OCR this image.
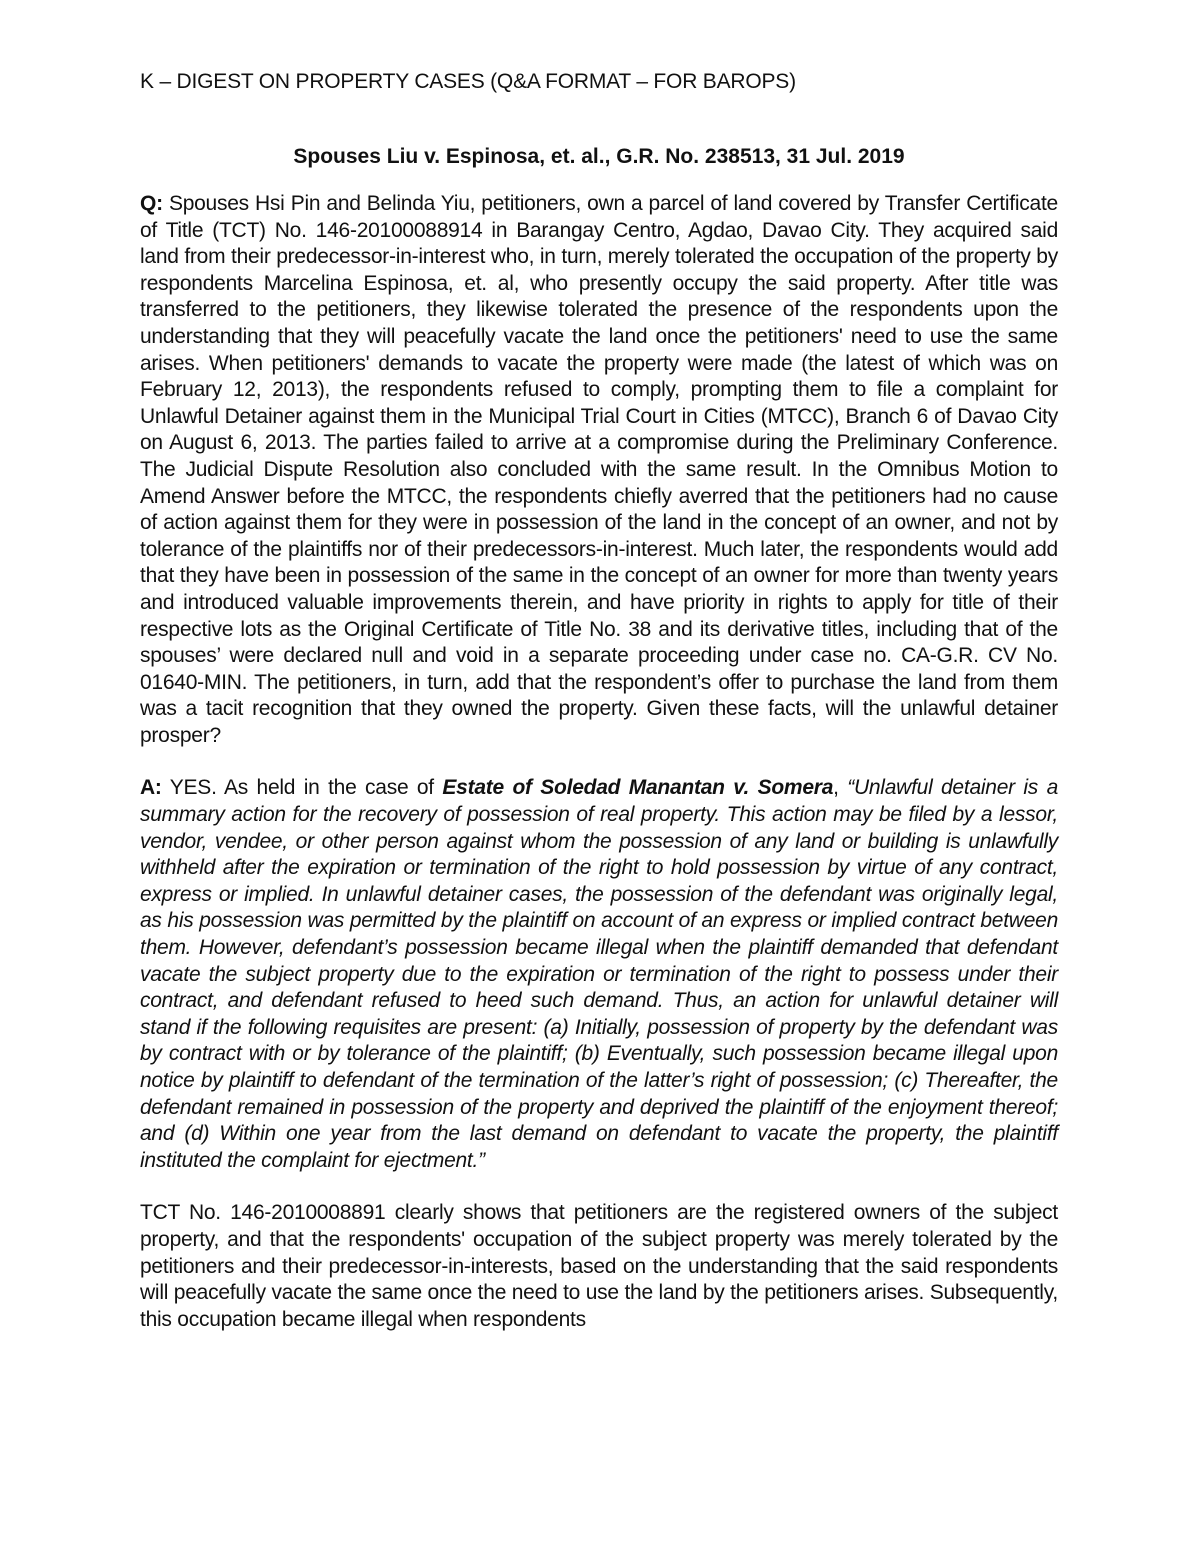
K – DIGEST ON PROPERTY CASES (Q&A FORMAT – FOR BAROPS)

Spouses Liu v. Espinosa, et. al., G.R. No. 238513, 31 Jul. 2019

Q: Spouses Hsi Pin and Belinda Yiu, petitioners, own a parcel of land covered by Transfer Certificate of Title (TCT) No. 146-20100088914 in Barangay Centro, Agdao, Davao City. They acquired said land from their predecessor-in-interest who, in turn, merely tolerated the occupation of the property by respondents Marcelina Espinosa, et. al, who presently occupy the said property. After title was transferred to the petitioners, they likewise tolerated the presence of the respondents upon the understanding that they will peacefully vacate the land once the petitioners' need to use the same arises. When petitioners' demands to vacate the property were made (the latest of which was on February 12, 2013), the respondents refused to comply, prompting them to file a complaint for Unlawful Detainer against them in the Municipal Trial Court in Cities (MTCC), Branch 6 of Davao City on August 6, 2013. The parties failed to arrive at a compromise during the Preliminary Conference. The Judicial Dispute Resolution also concluded with the same result. In the Omnibus Motion to Amend Answer before the MTCC, the respondents chiefly averred that the petitioners had no cause of action against them for they were in possession of the land in the concept of an owner, and not by tolerance of the plaintiffs nor of their predecessors-in-interest. Much later, the respondents would add that they have been in possession of the same in the concept of an owner for more than twenty years and introduced valuable improvements therein, and have priority in rights to apply for title of their respective lots as the Original Certificate of Title No. 38 and its derivative titles, including that of the spouses’ were declared null and void in a separate proceeding under case no. CA-G.R. CV No. 01640-MIN. The petitioners, in turn, add that the respondent’s offer to purchase the land from them was a tacit recognition that they owned the property. Given these facts, will the unlawful detainer prosper?

A: YES. As held in the case of Estate of Soledad Manantan v. Somera, “Unlawful detainer is a summary action for the recovery of possession of real property. This action may be filed by a lessor, vendor, vendee, or other person against whom the possession of any land or building is unlawfully withheld after the expiration or termination of the right to hold possession by virtue of any contract, express or implied. In unlawful detainer cases, the possession of the defendant was originally legal, as his possession was permitted by the plaintiff on account of an express or implied contract between them. However, defendant’s possession became illegal when the plaintiff demanded that defendant vacate the subject property due to the expiration or termination of the right to possess under their contract, and defendant refused to heed such demand. Thus, an action for unlawful detainer will stand if the following requisites are present: (a) Initially, possession of property by the defendant was by contract with or by tolerance of the plaintiff; (b) Eventually, such possession became illegal upon notice by plaintiff to defendant of the termination of the latter’s right of possession; (c) Thereafter, the defendant remained in possession of the property and deprived the plaintiff of the enjoyment thereof; and (d) Within one year from the last demand on defendant to vacate the property, the plaintiff instituted the complaint for ejectment.”

TCT No. 146-2010008891 clearly shows that petitioners are the registered owners of the subject property, and that the respondents' occupation of the subject property was merely tolerated by the petitioners and their predecessor-in-interests, based on the understanding that the said respondents will peacefully vacate the same once the need to use the land by the petitioners arises. Subsequently, this occupation became illegal when respondents
